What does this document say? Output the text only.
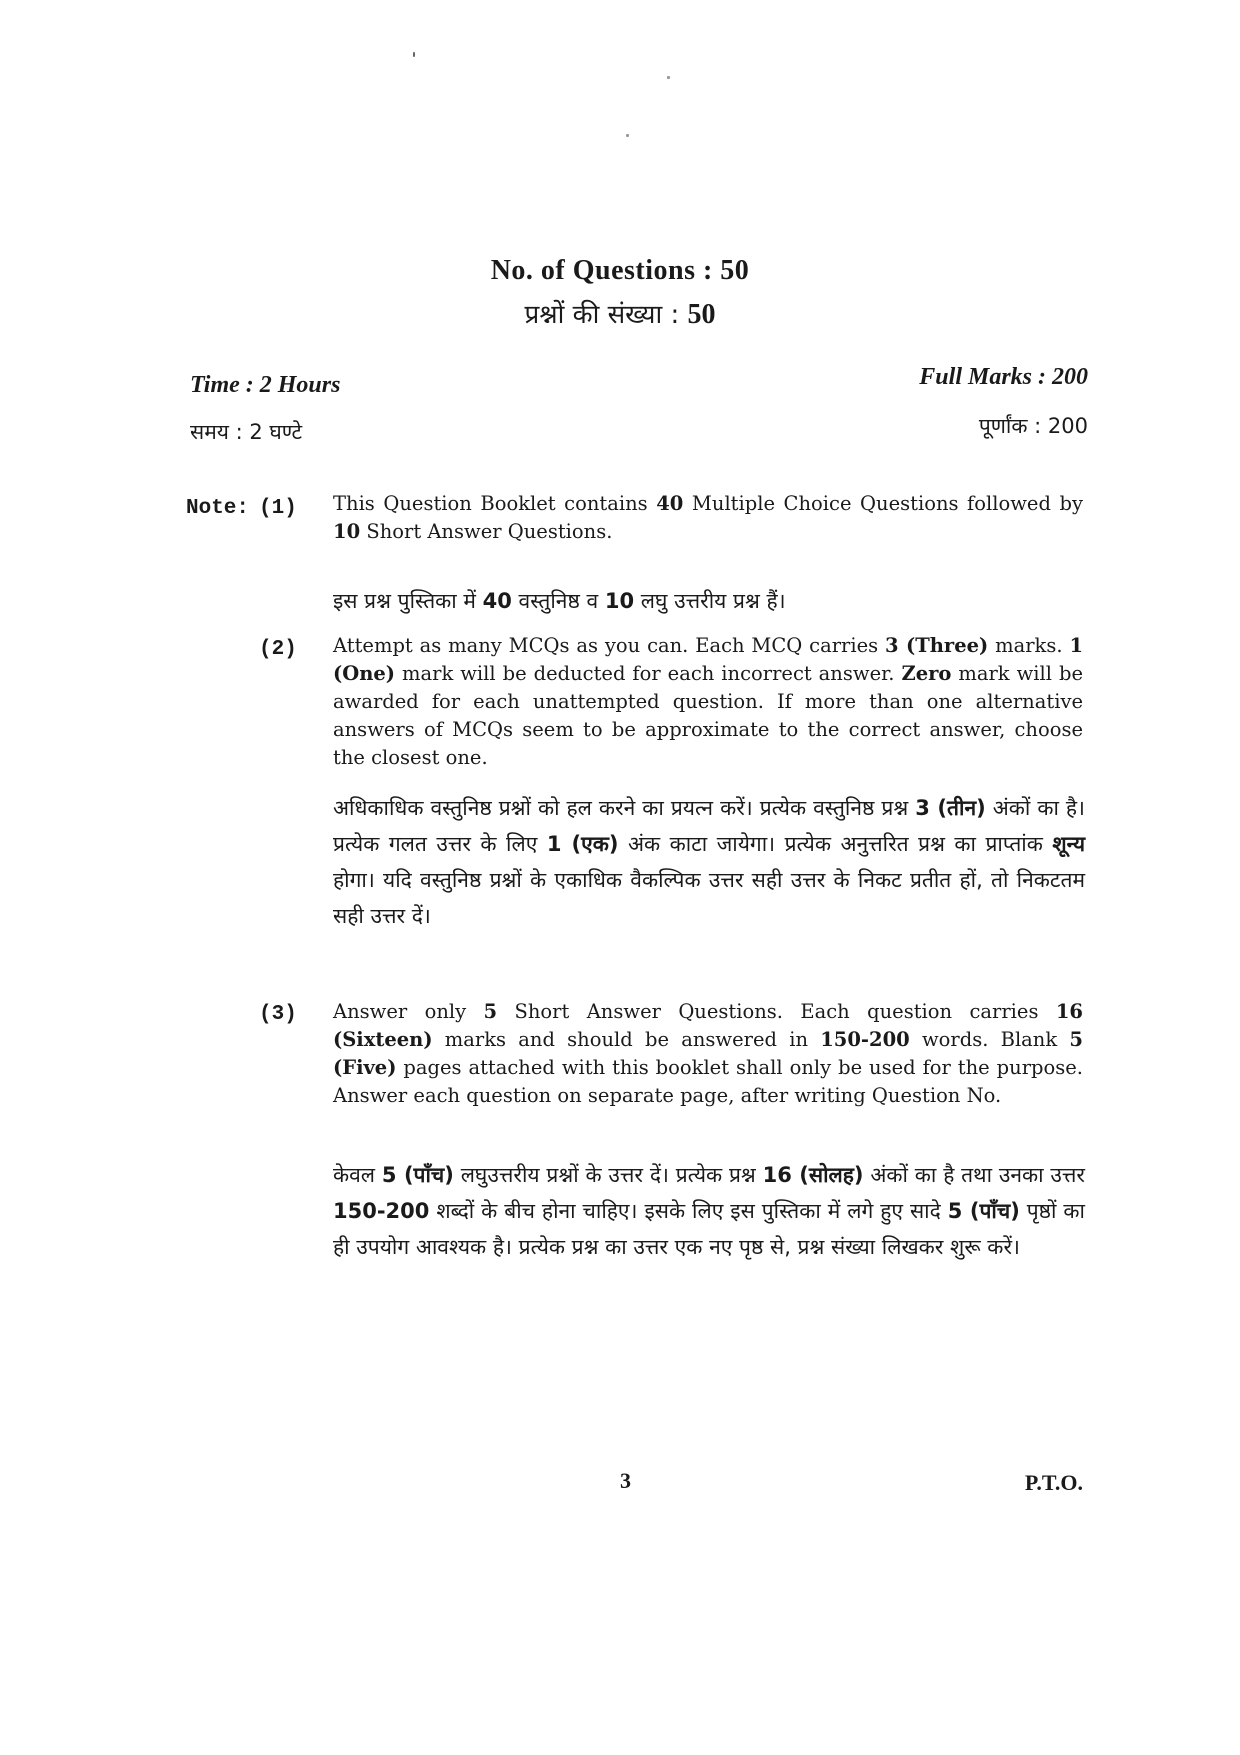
No. of Questions : 50
प्रश्नों की संख्या : 50
Time : 2 Hours	Full Marks : 200
समय : 2 घण्टे	पूर्णांक : 200
Note: (1) This Question Booklet contains 40 Multiple Choice Questions followed by 10 Short Answer Questions.
इस प्रश्न पुस्तिका में 40 वस्तुनिष्ठ व 10 लघु उत्तरीय प्रश्न हैं।
(2) Attempt as many MCQs as you can. Each MCQ carries 3 (Three) marks. 1 (One) mark will be deducted for each incorrect answer. Zero mark will be awarded for each unattempted question. If more than one alternative answers of MCQs seem to be approximate to the correct answer, choose the closest one.
अधिकाधिक वस्तुनिष्ठ प्रश्नों को हल करने का प्रयत्न करें। प्रत्येक वस्तुनिष्ठ प्रश्न 3 (तीन) अंकों का है। प्रत्येक गलत उत्तर के लिए 1 (एक) अंक काटा जायेगा। प्रत्येक अनुत्तरित प्रश्न का प्राप्तांक शून्य होगा। यदि वस्तुनिष्ठ प्रश्नों के एकाधिक वैकल्पिक उत्तर सही उत्तर के निकट प्रतीत हों, तो निकटतम सही उत्तर दें।
(3) Answer only 5 Short Answer Questions. Each question carries 16 (Sixteen) marks and should be answered in 150-200 words. Blank 5 (Five) pages attached with this booklet shall only be used for the purpose. Answer each question on separate page, after writing Question No.
केवल 5 (पाँच) लघुउत्तरीय प्रश्नों के उत्तर दें। प्रत्येक प्रश्न 16 (सोलह) अंकों का है तथा उनका उत्तर 150-200 शब्दों के बीच होना चाहिए। इसके लिए इस पुस्तिका में लगे हुए सादे 5 (पाँच) पृष्ठों का ही उपयोग आवश्यक है। प्रत्येक प्रश्न का उत्तर एक नए पृष्ठ से, प्रश्न संख्या लिखकर शुरू करें।
3	P.T.O.
